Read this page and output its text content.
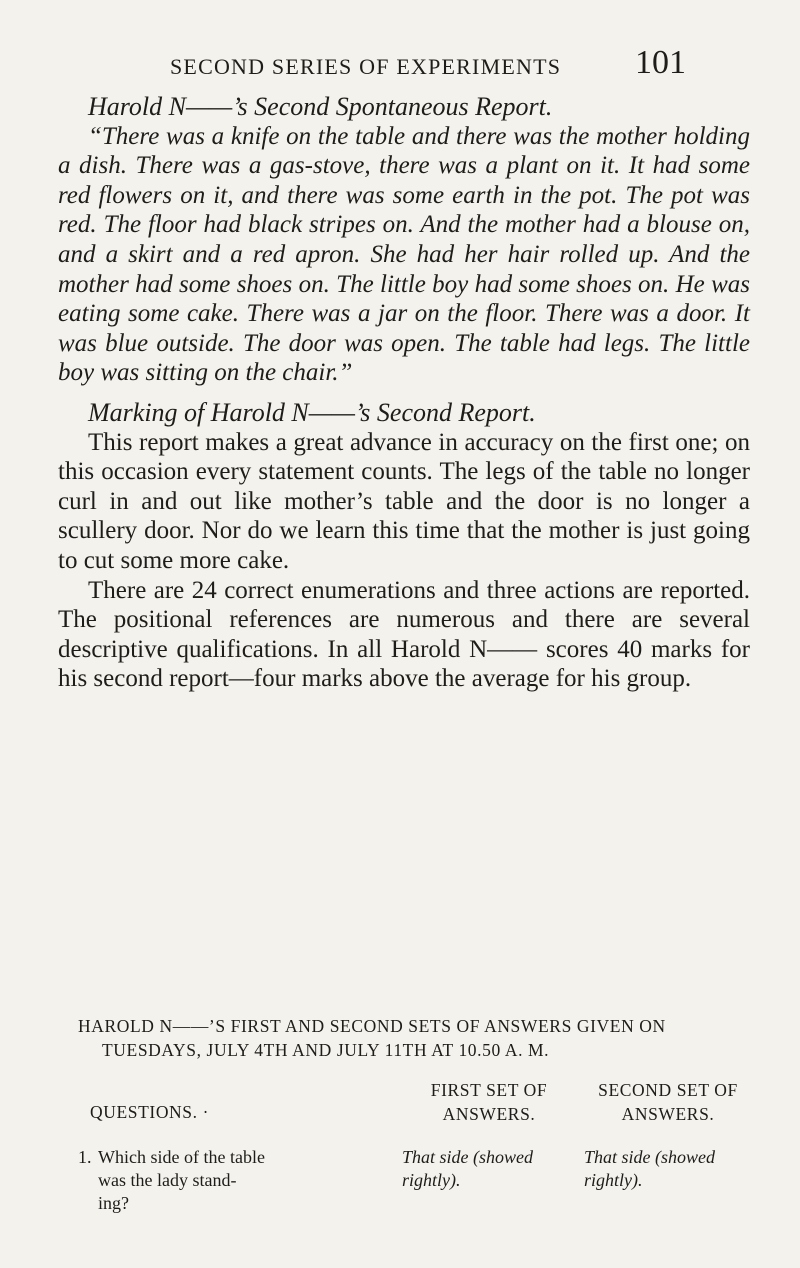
SECOND SERIES OF EXPERIMENTS 101

Harold N——’s Second Spontaneous Report.

“There was a knife on the table and there was the mother holding a dish. There was a gas-stove, there was a plant on it. It had some red flowers on it, and there was some earth in the pot. The pot was red. The floor had black stripes on. And the mother had a blouse on, and a skirt and a red apron. She had her hair rolled up. And the mother had some shoes on. The little boy had some shoes on. He was eating some cake. There was a jar on the floor. There was a door. It was blue outside. The door was open. The table had legs. The little boy was sitting on the chair.”

Marking of Harold N——’s Second Report.

This report makes a great advance in accuracy on the first one; on this occasion every statement counts. The legs of the table no longer curl in and out like mother’s table and the door is no longer a scullery door. Nor do we learn this time that the mother is just going to cut some more cake.

There are 24 correct enumerations and three actions are reported. The positional references are numerous and there are several descriptive qualifications. In all Harold N—— scores 40 marks for his second report—four marks above the average for his group.

HAROLD N——’S FIRST AND SECOND SETS OF ANSWERS GIVEN ON
TUESDAYS, JULY 4TH AND JULY 11TH AT 10.50 A. M.
QUESTIONS. ·
FIRST SET OF
ANSWERS.
SECOND SET OF
ANSWERS.
1. Which side of the table
was the lady stand-
ing?
That side (showed
rightly).
That side (showed
rightly).
